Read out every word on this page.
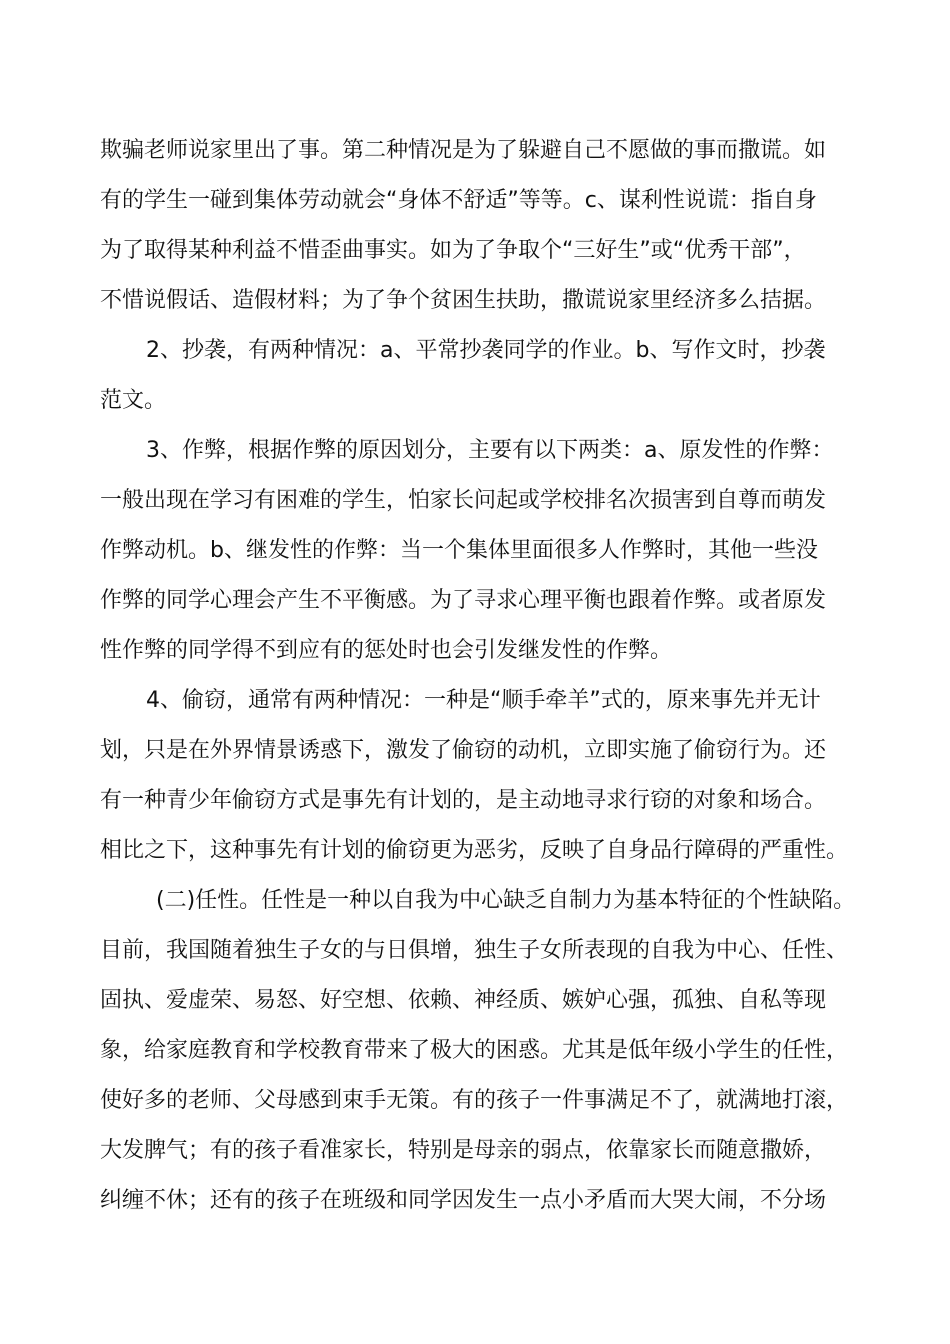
欺骗老师说家里出了事。第二种情况是为了躲避自己不愿做的事而撒谎。如
有的学生一碰到集体劳动就会“身体不舒适”等等。c、谋利性说谎：指自身
为了取得某种利益不惜歪曲事实。如为了争取个“三好生”或“优秀干部”，
不惜说假话、造假材料；为了争个贫困生扶助，撒谎说家里经济多么拮据。
2、抄袭，有两种情况：a、平常抄袭同学的作业。b、写作文时，抄袭
范文。
3、作弊，根据作弊的原因划分，主要有以下两类：a、原发性的作弊：
一般出现在学习有困难的学生，怕家长问起或学校排名次损害到自尊而萌发
作弊动机。b、继发性的作弊：当一个集体里面很多人作弊时，其他一些没
作弊的同学心理会产生不平衡感。为了寻求心理平衡也跟着作弊。或者原发
性作弊的同学得不到应有的惩处时也会引发继发性的作弊。
4、偷窃，通常有两种情况：一种是“顺手牵羊”式的，原来事先并无计
划，只是在外界情景诱惑下，激发了偷窃的动机，立即实施了偷窃行为。还
有一种青少年偷窃方式是事先有计划的，是主动地寻求行窃的对象和场合。
相比之下，这种事先有计划的偷窃更为恶劣，反映了自身品行障碍的严重性。
(二)任性。任性是一种以自我为中心缺乏自制力为基本特征的个性缺陷。
目前，我国随着独生子女的与日俱增，独生子女所表现的自我为中心、任性、
固执、爱虚荣、易怒、好空想、依赖、神经质、嫉妒心强，孤独、自私等现
象，给家庭教育和学校教育带来了极大的困惑。尤其是低年级小学生的任性，
使好多的老师、父母感到束手无策。有的孩子一件事满足不了，就满地打滚，
大发脾气；有的孩子看准家长，特别是母亲的弱点，依靠家长而随意撒娇，
纠缠不休；还有的孩子在班级和同学因发生一点小矛盾而大哭大闹，不分场
